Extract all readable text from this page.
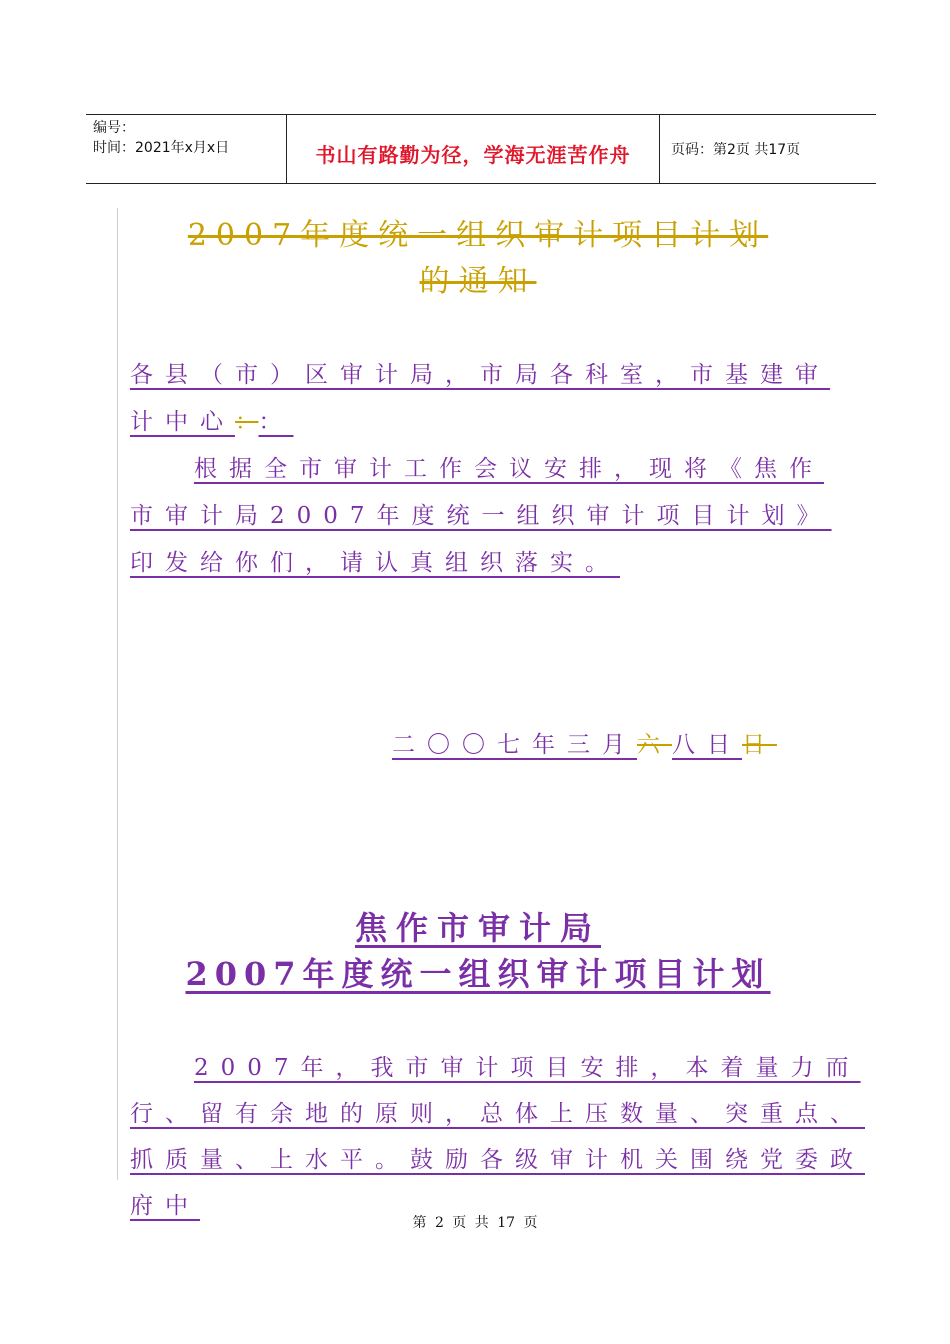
编号：
时间：2021年x月x日	书山有路勤为径，学海无涯苦作舟	页码：第2页 共17页
2007年度统一组织审计项目计划
的通知
各县（市）区审计局，市局各科室，市基建审计中心：：
根据全市审计工作会议安排，现将《焦作市审计局2007年度统一组织审计项目计划》印发给你们，请认真组织落实。
二〇〇七年三月六八日日
焦作市审计局
2007年度统一组织审计项目计划
2007年，我市审计项目安排，本着量力而行、留有余地的原则，总体上压数量、突重点、抓质量、上水平。鼓励各级审计机关围绕党委政府中
第 2 页 共 17 页
